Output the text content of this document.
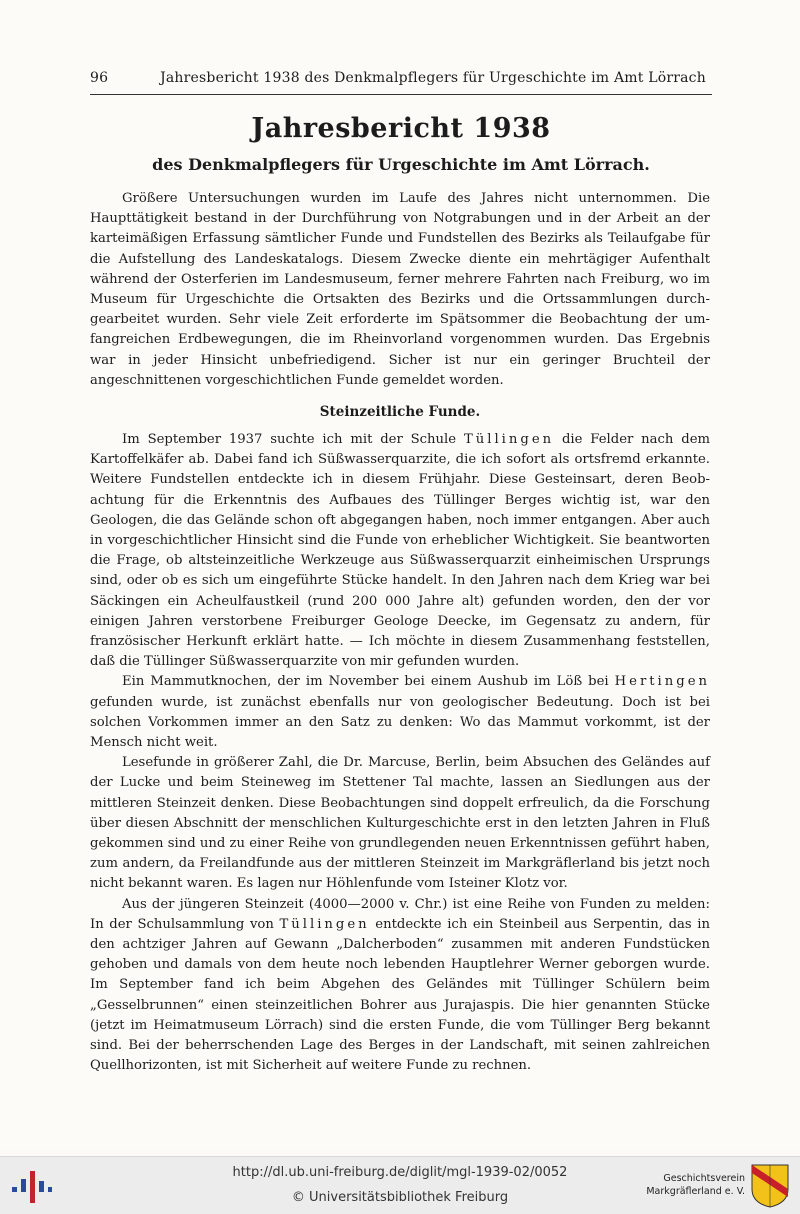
96	Jahresbericht 1938 des Denkmalpflegers für Urgeschichte im Amt Lörrach
Jahresbericht 1938
des Denkmalpflegers für Urgeschichte im Amt Lörrach.

Größere Untersuchungen wurden im Laufe des Jahres nicht unternommen. Die Haupttätigkeit bestand in der Durchführung von Notgrabungen und in der Arbeit an der karteimäßigen Erfassung sämtlicher Funde und Fundstellen des Bezirks als Teilaufgabe für die Aufstellung des Landeskatalogs. Diesem Zwecke diente ein mehrtägiger Aufenthalt während der Osterferien im Landesmuseum, ferner mehrere Fahrten nach Freiburg, wo im Museum für Urgeschichte die Ortsakten des Bezirks und die Ortssammlungen durchgearbeitet wurden. Sehr viele Zeit erforderte im Spätsommer die Beobachtung der umfangreichen Erdbewegungen, die im Rheinvorland vorgenommen wurden. Das Ergebnis war in jeder Hinsicht unbefriedigend. Sicher ist nur ein geringer Bruchteil der angeschnittenen vorgeschichtlichen Funde gemeldet worden.

Steinzeitliche Funde.

Im September 1937 suchte ich mit der Schule Tüllingen die Felder nach dem Kartoffelkäfer ab. Dabei fand ich Süßwasserquarzite, die ich sofort als ortsfremd erkannte. Weitere Fundstellen entdeckte ich in diesem Frühjahr. Diese Gesteinsart, deren Beobachtung für die Erkenntnis des Aufbaues des Tüllinger Berges wichtig ist, war den Geologen, die das Gelände schon oft abgegangen haben, noch immer entgangen. Aber auch in vorgeschichtlicher Hinsicht sind die Funde von erheblicher Wichtigkeit. Sie beantworten die Frage, ob altsteinzeitliche Werkzeuge aus Süßwasserquarzit einheimischen Ursprungs sind, oder ob es sich um eingeführte Stücke handelt. In den Jahren nach dem Krieg war bei Säckingen ein Acheulfaustkeil (rund 200 000 Jahre alt) gefunden worden, den der vor einigen Jahren verstorbene Freiburger Geologe Deecke, im Gegensatz zu andern, für französischer Herkunft erklärt hatte. — Ich möchte in diesem Zusammenhang feststellen, daß die Tüllinger Süßwasserquarzite von mir gefunden wurden.

Ein Mammutknochen, der im November bei einem Aushub im Löß bei Hertingen gefunden wurde, ist zunächst ebenfalls nur von geologischer Bedeutung. Doch ist bei solchen Vorkommen immer an den Satz zu denken: Wo das Mammut vorkommt, ist der Mensch nicht weit.

Lesefunde in größerer Zahl, die Dr. Marcuse, Berlin, beim Absuchen des Geländes auf der Lucke und beim Steineweg im Stettener Tal machte, lassen an Siedlungen aus der mittleren Steinzeit denken. Diese Beobachtungen sind doppelt erfreulich, da die Forschung über diesen Abschnitt der menschlichen Kulturgeschichte erst in den letzten Jahren in Fluß gekommen sind und zu einer Reihe von grundlegenden neuen Erkenntnissen geführt haben, zum andern, da Freilandfunde aus der mittleren Steinzeit im Markgräflerland bis jetzt noch nicht bekannt waren. Es lagen nur Höhlenfunde vom Isteiner Klotz vor.

Aus der jüngeren Steinzeit (4000—2000 v. Chr.) ist eine Reihe von Funden zu melden: In der Schulsammlung von Tüllingen entdeckte ich ein Steinbeil aus Serpentin, das in den achtziger Jahren auf Gewann „Dalcherboden“ zusammen mit anderen Fundstücken gehoben und damals von dem heute noch lebenden Hauptlehrer Werner geborgen wurde. Im September fand ich beim Abgehen des Geländes mit Tüllinger Schülern beim „Gesselbrunnen“ einen steinzeitlichen Bohrer aus Jurajaspis. Die hier genannten Stücke (jetzt im Heimatmuseum Lörrach) sind die ersten Funde, die vom Tüllinger Berg bekannt sind. Bei der beherrschenden Lage des Berges in der Landschaft, mit seinen zahlreichen Quellhorizonten, ist mit Sicherheit auf weitere Funde zu rechnen.

http://dl.ub.uni-freiburg.de/diglit/mgl-1939-02/0052
© Universitätsbibliothek Freiburg
Geschichtsverein
Markgräflerland e. V.
